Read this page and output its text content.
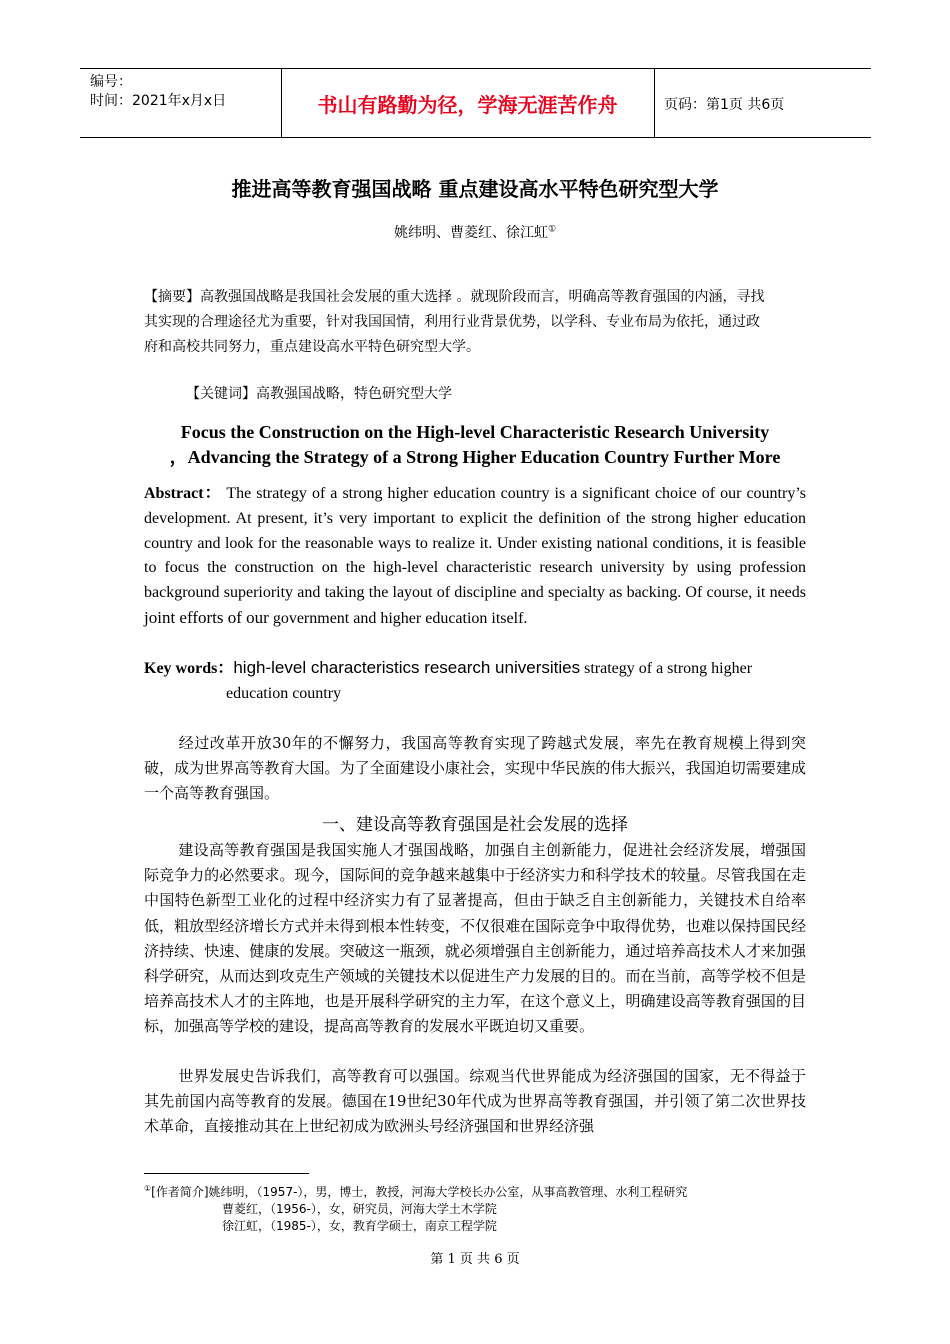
编号：
时间：2021年x月x日	书山有路勤为径，学海无涯苦作舟	页码：第1页 共6页
推进高等教育强国战略 重点建设高水平特色研究型大学
姚纬明、曹菱红、徐江虹①
【摘要】高教强国战略是我国社会发展的重大选择 。就现阶段而言，明确高等教育强国的内涵，寻找其实现的合理途径尤为重要，针对我国国情，利用行业背景优势，以学科、专业布局为依托，通过政府和高校共同努力，重点建设高水平特色研究型大学。
【关键词】高教强国战略，特色研究型大学
Focus the Construction on the High-level Characteristic Research University
，Advancing the Strategy of a Strong Higher Education Country Further More
Abstract： The strategy of a strong higher education country is a significant choice of our country’s development. At present, it’s very important to explicit the definition of the strong higher education country and look for the reasonable ways to realize it. Under existing national conditions, it is feasible to focus the construction on the high-level characteristic research university by using profession background superiority and taking the layout of discipline and specialty as backing. Of course, it needs joint efforts of our government and higher education itself.
Key words：high-level characteristics research universities strategy of a strong higher
education country
经过改革开放30年的不懈努力，我国高等教育实现了跨越式发展，率先在教育规模上得到突破，成为世界高等教育大国。为了全面建设小康社会，实现中华民族的伟大振兴，我国迫切需要建成一个高等教育强国。
一、建设高等教育强国是社会发展的选择
建设高等教育强国是我国实施人才强国战略，加强自主创新能力，促进社会经济发展，增强国际竞争力的必然要求。现今，国际间的竞争越来越集中于经济实力和科学技术的较量。尽管我国在走中国特色新型工业化的过程中经济实力有了显著提高，但由于缺乏自主创新能力，关键技术自给率低，粗放型经济增长方式并未得到根本性转变，不仅很难在国际竞争中取得优势，也难以保持国民经济持续、快速、健康的发展。突破这一瓶颈，就必须增强自主创新能力，通过培养高技术人才来加强科学研究，从而达到攻克生产领域的关键技术以促进生产力发展的目的。而在当前，高等学校不但是培养高技术人才的主阵地，也是开展科学研究的主力军，在这个意义上，明确建设高等教育强国的目标，加强高等学校的建设，提高高等教育的发展水平既迫切又重要。
世界发展史告诉我们，高等教育可以强国。综观当代世界能成为经济强国的国家，无不得益于其先前国内高等教育的发展。德国在19世纪30年代成为世界高等教育强国，并引领了第二次世界技术革命，直接推动其在上世纪初成为欧洲头号经济强国和世界经济强
①[作者简介]姚纬明，（1957-），男，博士，教授，河海大学校长办公室，从事高教管理、水利工程研究
曹菱红，（1956-），女，研究员，河海大学土木学院
徐江虹，（1985-），女，教育学硕士，南京工程学院
第 1 页 共 6 页
